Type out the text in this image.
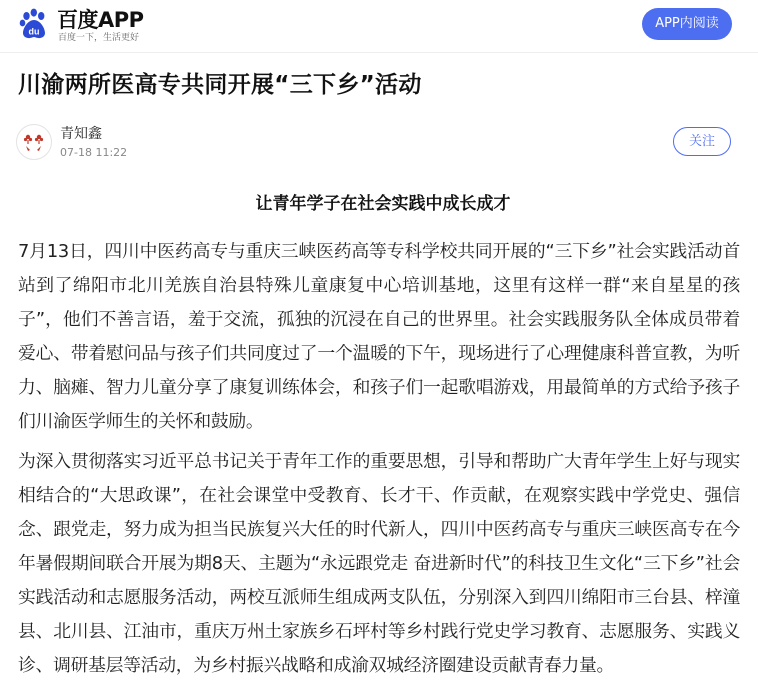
du 百度APP
百度一下，生活更好
APP内阅读
川渝两所医高专共同开展“三下乡”活动
青知鑫
07-18 11:22
关注
让青年学子在社会实践中成长成才

7月13日，四川中医药高专与重庆三峡医药高等专科学校共同开展的“三下乡”社会实践活动首站到了绵阳市北川羌族自治县特殊儿童康复中心培训基地，这里有这样一群“来自星星的孩子”，他们不善言语，羞于交流，孤独的沉浸在自己的世界里。社会实践服务队全体成员带着爱心、带着慰问品与孩子们共同度过了一个温暖的下午，现场进行了心理健康科普宣教，为听力、脑瘫、智力儿童分享了康复训练体会，和孩子们一起歌唱游戏，用最简单的方式给予孩子们川渝医学师生的关怀和鼓励。

为深入贯彻落实习近平总书记关于青年工作的重要思想，引导和帮助广大青年学生上好与现实相结合的“大思政课”，在社会课堂中受教育、长才干、作贡献，在观察实践中学党史、强信念、跟党走，努力成为担当民族复兴大任的时代新人，四川中医药高专与重庆三峡医高专在今年暑假期间联合开展为期8天、主题为“永远跟党走 奋进新时代”的科技卫生文化“三下乡”社会实践活动和志愿服务活动，两校互派师生组成两支队伍，分别深入到四川绵阳市三台县、梓潼县、北川县、江油市，重庆万州土家族乡石坪村等乡村践行党史学习教育、志愿服务、实践义诊、调研基层等活动，为乡村振兴战略和成渝双城经济圈建设贡献青春力量。
